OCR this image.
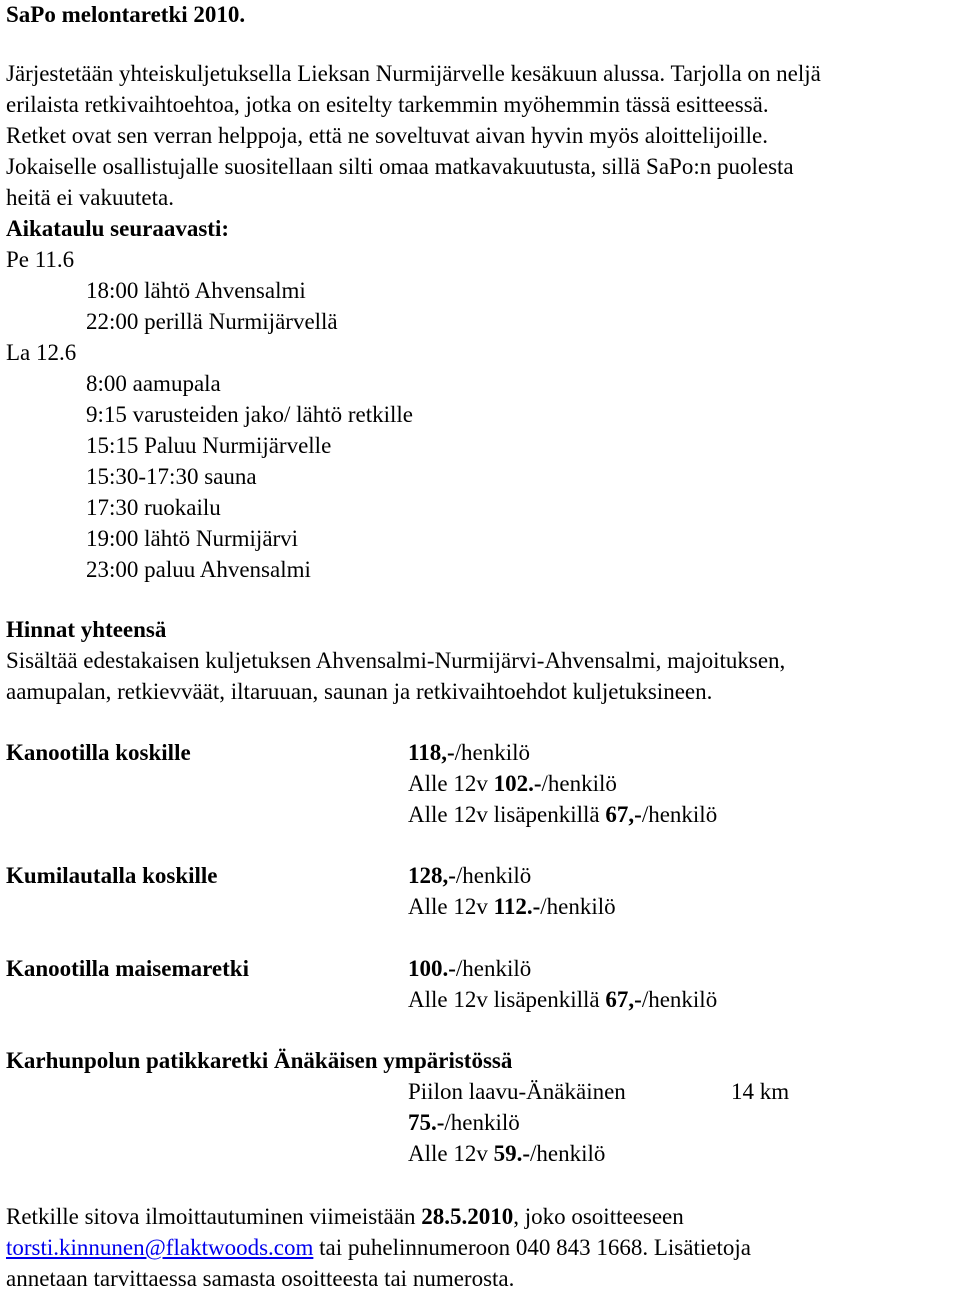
SaPo melontaretki 2010.
Järjestetään yhteiskuljetuksella Lieksan Nurmijärvelle kesäkuun alussa. Tarjolla on neljä
erilaista retkivaihtoehtoa, jotka on esitelty tarkemmin myöhemmin tässä esitteessä.
Retket ovat sen verran helppoja, että ne soveltuvat aivan hyvin myös aloittelijoille.
Jokaiselle osallistujalle suositellaan silti omaa matkavakuutusta, sillä SaPo:n puolesta
heitä ei vakuuteta.
Aikataulu seuraavasti:
Pe 11.6
18:00 lähtö Ahvensalmi
22:00 perillä Nurmijärvellä
La 12.6
8:00 aamupala
9:15 varusteiden jako/ lähtö retkille
15:15 Paluu Nurmijärvelle
15:30-17:30 sauna
17:30 ruokailu
19:00 lähtö Nurmijärvi
23:00 paluu Ahvensalmi
Hinnat yhteensä
Sisältää edestakaisen kuljetuksen Ahvensalmi-Nurmijärvi-Ahvensalmi, majoituksen,
aamupalan, retkievväät, iltaruuan, saunan ja retkivaihtoehdot kuljetuksineen.
Kanootilla koskille	118,-/henkilö
Alle 12v 102.-/henkilö
Alle 12v lisäpenkillä 67,-/henkilö
Kumilautalla koskille	128,-/henkilö
Alle 12v 112.-/henkilö
Kanootilla maisemaretki	100.-/henkilö
Alle 12v lisäpenkillä 67,-/henkilö
Karhunpolun patikkaretki Änäkäisen ympäristössä
Piilon laavu-Änäkäinen	14 km
75.-/henkilö
Alle 12v 59.-/henkilö
Retkille sitova ilmoittautuminen viimeistään 28.5.2010, joko osoitteeseen
torsti.kinnunen@flaktwoods.com tai puhelinnumeroon 040 843 1668. Lisätietoja
annetaan tarvittaessa samasta osoitteesta tai numerosta.
